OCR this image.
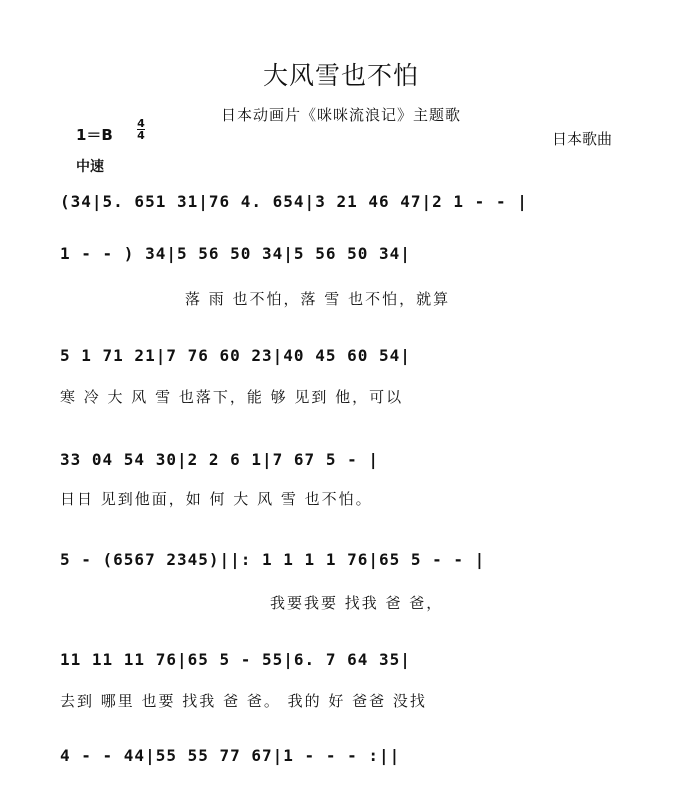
大风雪也不怕
日本动画片《咪咪流浪记》主题歌
1＝B
4
4	日本歌曲
中速
(34|5. 651 31|76 4. 654|3 21 46 47|2 1 - - |
1 - - ) 34|5 56 50 34|5 56 50 34|
落 雨 也不怕，落 雪 也不怕，就算
5 1 71 21|7 76 60 23|40 45 60 54|
寒 冷 大 风 雪 也落下，能 够 见到 他，可以
33 04 54 30|2 2 6 1|7 67 5 - |
日日 见到他面，如 何 大 风 雪 也不怕。
5 - (6567 2345)||: 1 1 1 1 76|65 5 - - |
我要我要 找我 爸 爸，
11 11 11 76|65 5 - 55|6. 7 64 35|
去到 哪里 也要 找我 爸 爸。 我的 好 爸爸 没找
4 - - 44|55 55 77 67|1 - - - :||
